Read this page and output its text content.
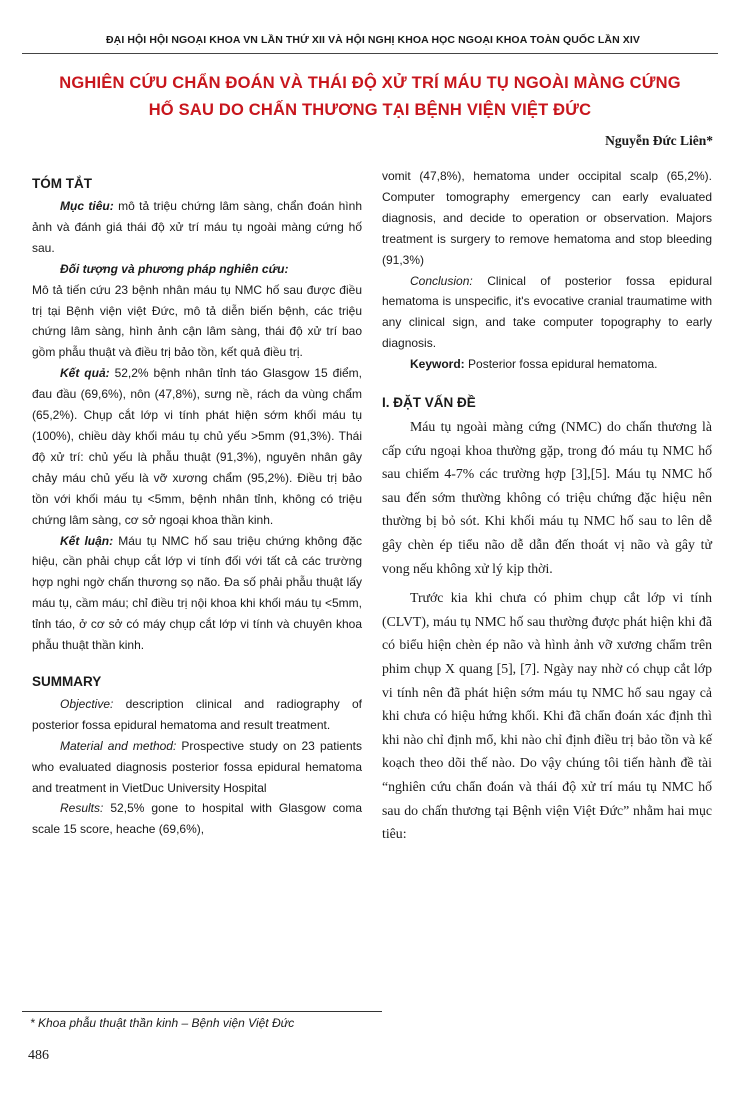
ĐẠI HỘI HỘI NGOẠI KHOA VN LẦN THỨ XII VÀ HỘI NGHỊ KHOA HỌC NGOẠI KHOA TOÀN QUỐC LẦN XIV
NGHIÊN CỨU CHẨN ĐOÁN VÀ THÁI ĐỘ XỬ TRÍ MÁU TỤ NGOÀI MÀNG CỨNG
HỐ SAU DO CHẤN THƯƠNG TẠI BỆNH VIỆN VIỆT ĐỨC
Nguyễn Đức Liên*
TÓM TẮT

Mục tiêu: mô tả triệu chứng lâm sàng, chẩn đoán hình ảnh và đánh giá thái độ xử trí máu tụ ngoài màng cứng hố sau.

Đối tượng và phương pháp nghiên cứu:

Mô tả tiến cứu 23 bệnh nhân máu tụ NMC hố sau được điều trị tại Bệnh viện việt Đức, mô tả diễn biến bệnh, các triệu chứng lâm sàng, hình ảnh cận lâm sàng, thái độ xử trí bao gồm phẫu thuật và điều trị bảo tồn, kết quả điều trị.

Kết quả: 52,2% bệnh nhân tỉnh táo Glasgow 15 điểm, đau đầu (69,6%), nôn (47,8%), sưng nề, rách da vùng chẩm (65,2%). Chụp cắt lớp vi tính phát hiện sớm khối máu tụ (100%), chiều dày khối máu tụ chủ yếu >5mm (91,3%). Thái độ xử trí: chủ yếu là phẫu thuật (91,3%), nguyên nhân gây chảy máu chủ yếu là vỡ xương chẩm (95,2%). Điều trị bảo tồn với khối máu tụ <5mm, bệnh nhân tỉnh, không có triệu chứng lâm sàng, cơ sở ngoại khoa thần kinh.

Kết luận: Máu tụ NMC hố sau triệu chứng không đặc hiệu, cần phải chụp cắt lớp vi tính đối với tất cả các trường hợp nghi ngờ chấn thương sọ não. Đa số phải phẫu thuật lấy máu tụ, cầm máu; chỉ điều trị nội khoa khi khối máu tụ <5mm, tỉnh táo, ở cơ sở có máy chụp cắt lớp vi tính và chuyên khoa phẫu thuật thần kinh.

SUMMARY

Objective: description clinical and radiography of posterior fossa epidural hematoma and result treatment.

Material and method: Prospective study on 23 patients who evaluated diagnosis posterior fossa epidural hematoma and treatment in VietDuc University Hospital

Results: 52,5% gone to hospital with Glasgow coma scale 15 score, heache (69,6%),

vomit (47,8%), hematoma under occipital scalp (65,2%). Computer tomography emergency can early evaluated diagnosis, and decide to operation or observation. Majors treatment is surgery to remove hematoma and stop bleeding (91,3%)

Conclusion: Clinical of posterior fossa epidural hematoma is unspecific, it's evocative cranial traumatime with any clinical sign, and take computer topography to early diagnosis.

Keyword: Posterior fossa epidural hematoma.

I. ĐẶT VẤN ĐỀ

Máu tụ ngoài màng cứng (NMC) do chấn thương là cấp cứu ngoại khoa thường gặp, trong đó máu tụ NMC hố sau chiếm 4-7% các trường hợp [3],[5]. Máu tụ NMC hố sau đến sớm thường không có triệu chứng đặc hiệu nên thường bị bỏ sót. Khi khối máu tụ NMC hố sau to lên dễ gây chèn ép tiểu não dễ dẫn đến thoát vị não và gây tử vong nếu không xử lý kịp thời.

Trước kia khi chưa có phim chụp cắt lớp vi tính (CLVT), máu tụ NMC hố sau thường được phát hiện khi đã có biểu hiện chèn ép não và hình ảnh vỡ xương chẩm trên phim chụp X quang [5], [7]. Ngày nay nhờ có chụp cắt lớp vi tính nên đã phát hiện sớm máu tụ NMC hố sau ngay cả khi chưa có hiệu hứng khối. Khi đã chẩn đoán xác định thì khi nào chỉ định mổ, khi nào chỉ định điều trị bảo tồn và kế koạch theo dõi thế nào. Do vậy chúng tôi tiến hành đề tài “nghiên cứu chẩn đoán và thái độ xử trí máu tụ NMC hố sau do chấn thương tại Bệnh viện Việt Đức” nhằm hai mục tiêu:

* Khoa phẫu thuật thần kinh – Bệnh viện Việt Đức
486
